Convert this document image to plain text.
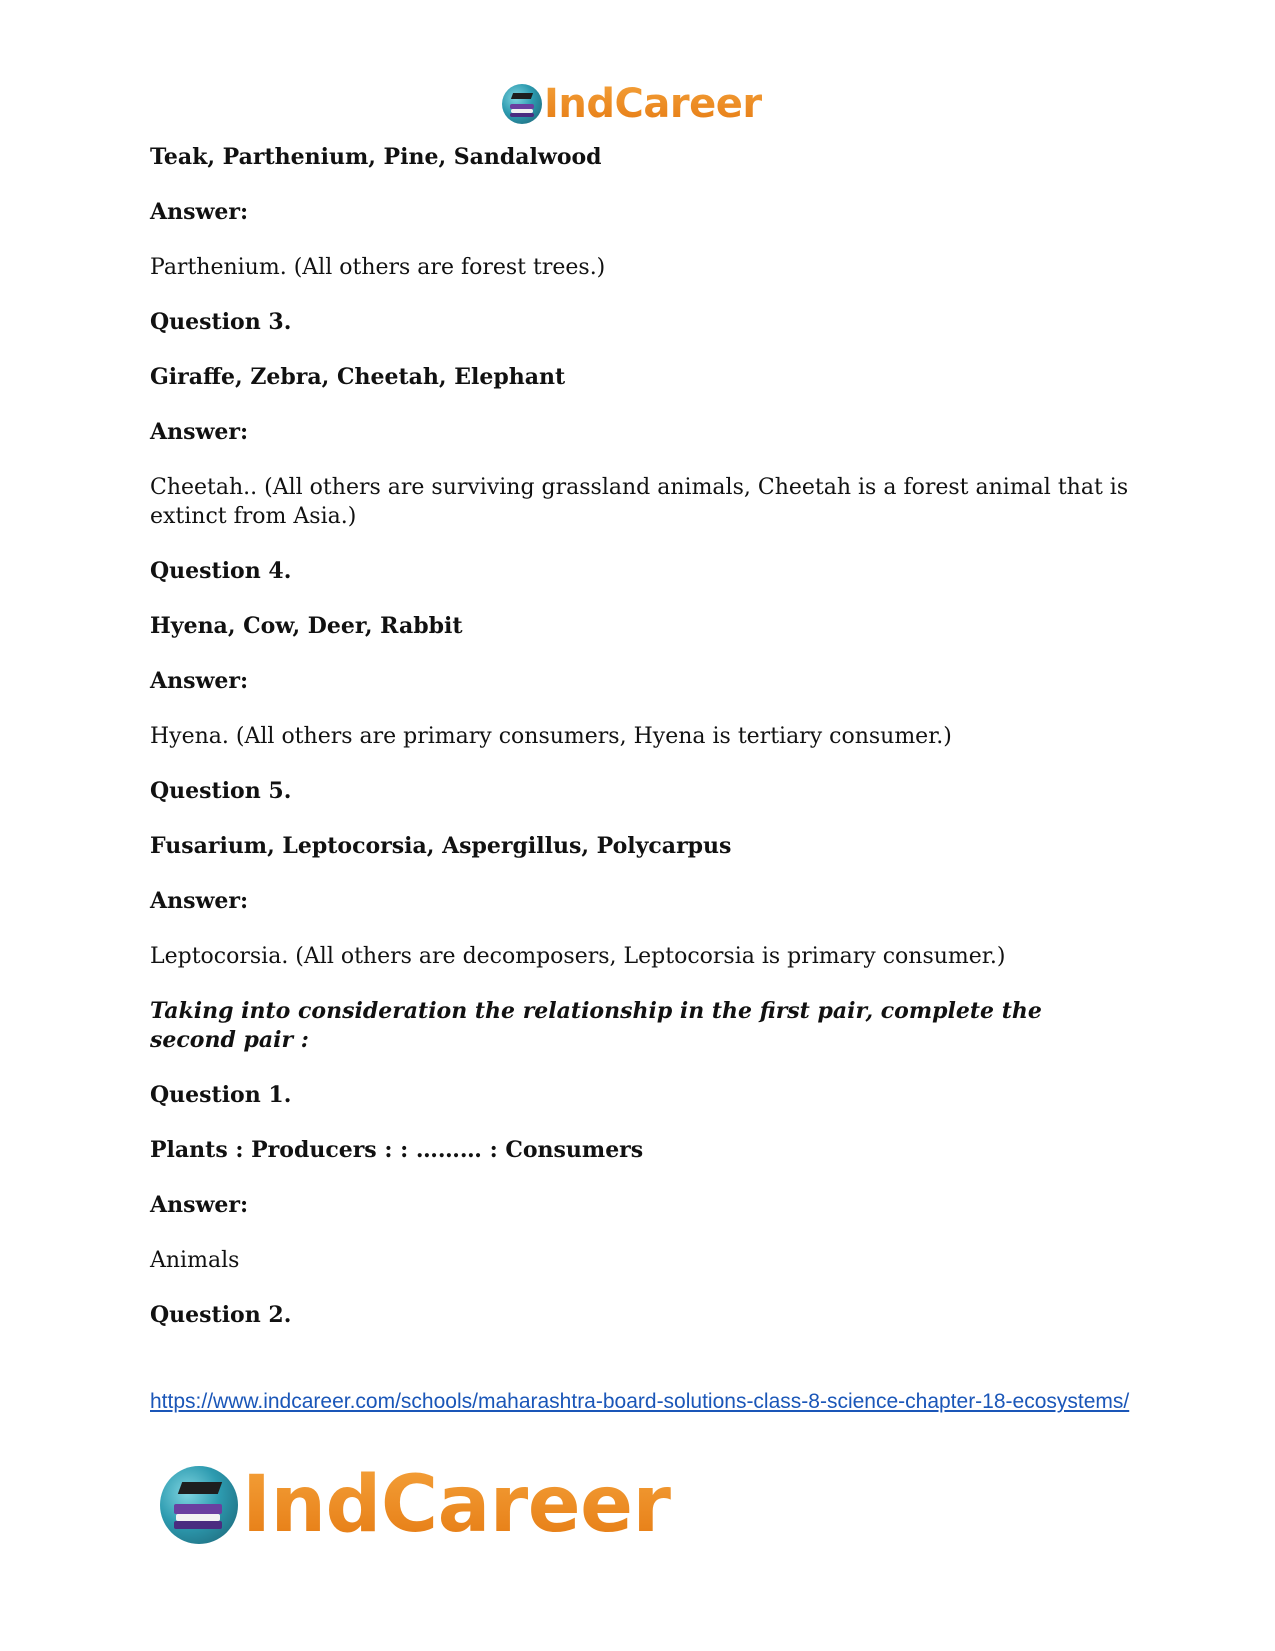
IndCareer

Teak, Parthenium, Pine, Sandalwood

Answer:

Parthenium. (All others are forest trees.)

Question 3.

Giraffe, Zebra, Cheetah, Elephant

Answer:

Cheetah.. (All others are surviving grassland animals, Cheetah is a forest animal that is extinct from Asia.)

Question 4.

Hyena, Cow, Deer, Rabbit

Answer:

Hyena. (All others are primary consumers, Hyena is tertiary consumer.)

Question 5.

Fusarium, Leptocorsia, Aspergillus, Polycarpus

Answer:

Leptocorsia. (All others are decomposers, Leptocorsia is primary consumer.)

Taking into consideration the relationship in the first pair, complete the second pair :

Question 1.

Plants : Producers : : ……… : Consumers

Answer:

Animals

Question 2.

https://www.indcareer.com/schools/maharashtra-board-solutions-class-8-science-chapter-18-ecosystems/
IndCareer
